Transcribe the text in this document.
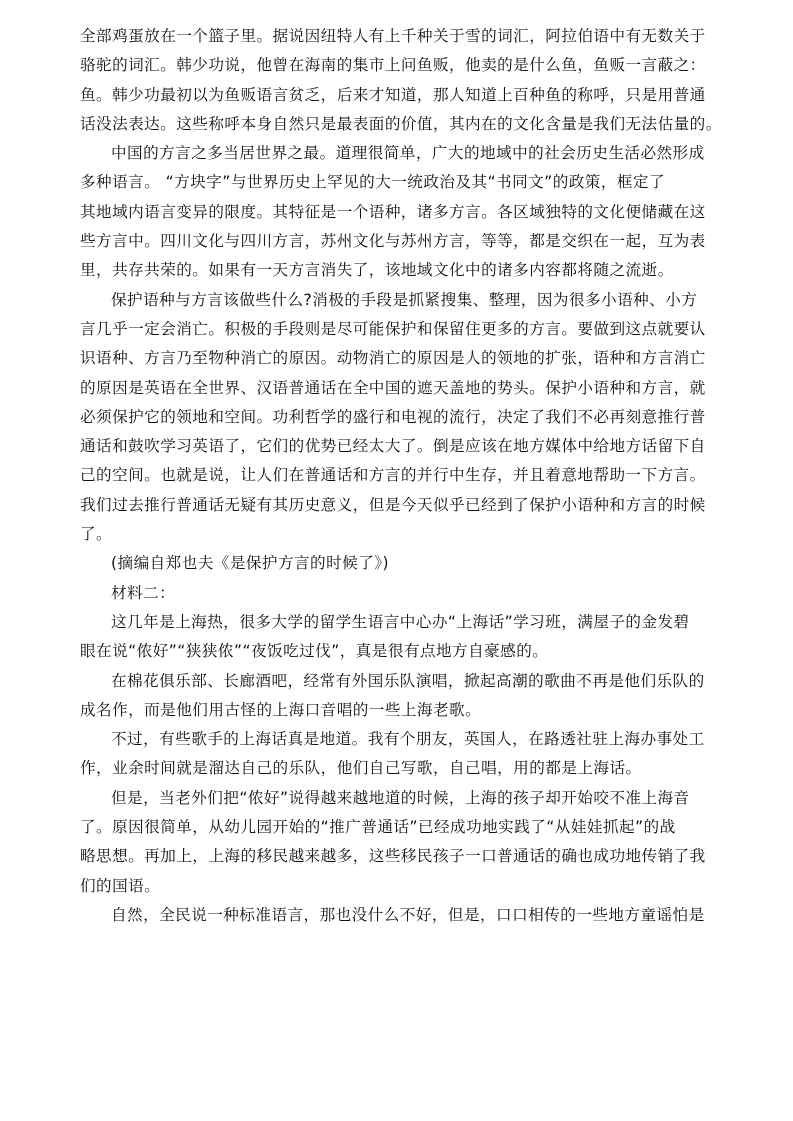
全部鸡蛋放在一个篮子里。据说因纽特人有上千种关于雪的词汇，阿拉伯语中有无数关于
骆驼的词汇。韩少功说，他曾在海南的集市上问鱼贩，他卖的是什么鱼，鱼贩一言蔽之：
鱼。韩少功最初以为鱼贩语言贫乏，后来才知道，那人知道上百种鱼的称呼，只是用普通
话没法表达。这些称呼本身自然只是最表面的价值，其内在的文化含量是我们无法估量的。
中国的方言之多当居世界之最。道理很简单，广大的地域中的社会历史生活必然形成
多种语言。 “方块字”与世界历史上罕见的大一统政治及其“书同文”的政策，框定了
其地域内语言变异的限度。其特征是一个语种，诸多方言。各区域独特的文化便储藏在这
些方言中。四川文化与四川方言，苏州文化与苏州方言，等等，都是交织在一起，互为表
里，共存共荣的。如果有一天方言消失了，该地域文化中的诸多内容都将随之流逝。
保护语种与方言该做些什么?消极的手段是抓紧搜集、整理，因为很多小语种、小方
言几乎一定会消亡。积极的手段则是尽可能保护和保留住更多的方言。要做到这点就要认
识语种、方言乃至物种消亡的原因。动物消亡的原因是人的领地的扩张，语种和方言消亡
的原因是英语在全世界、汉语普通话在全中国的遮天盖地的势头。保护小语种和方言，就
必须保护它的领地和空间。功利哲学的盛行和电视的流行，决定了我们不必再刻意推行普
通话和鼓吹学习英语了，它们的优势已经太大了。倒是应该在地方媒体中给地方话留下自
己的空间。也就是说，让人们在普通话和方言的并行中生存，并且着意地帮助一下方言。
我们过去推行普通话无疑有其历史意义，但是今天似乎已经到了保护小语种和方言的时候
了。
(摘编自郑也夫《是保护方言的时候了》)
材料二：
这几年是上海热，很多大学的留学生语言中心办“上海话”学习班，满屋子的金发碧
眼在说“侬好”“狭狭侬”“夜饭吃过伐”，真是很有点地方自豪感的。
在棉花俱乐部、长廊酒吧，经常有外国乐队演唱，掀起高潮的歌曲不再是他们乐队的
成名作，而是他们用古怪的上海口音唱的一些上海老歌。
不过，有些歌手的上海话真是地道。我有个朋友，英国人，在路透社驻上海办事处工
作，业余时间就是溜达自己的乐队，他们自己写歌，自己唱，用的都是上海话。
但是，当老外们把“侬好”说得越来越地道的时候，上海的孩子却开始咬不准上海音
了。原因很简单，从幼儿园开始的“推广普通话”已经成功地实践了“从娃娃抓起”的战
略思想。再加上，上海的移民越来越多，这些移民孩子一口普通话的确也成功地传销了我
们的国语。
自然，全民说一种标准语言，那也没什么不好，但是，口口相传的一些地方童谣怕是
